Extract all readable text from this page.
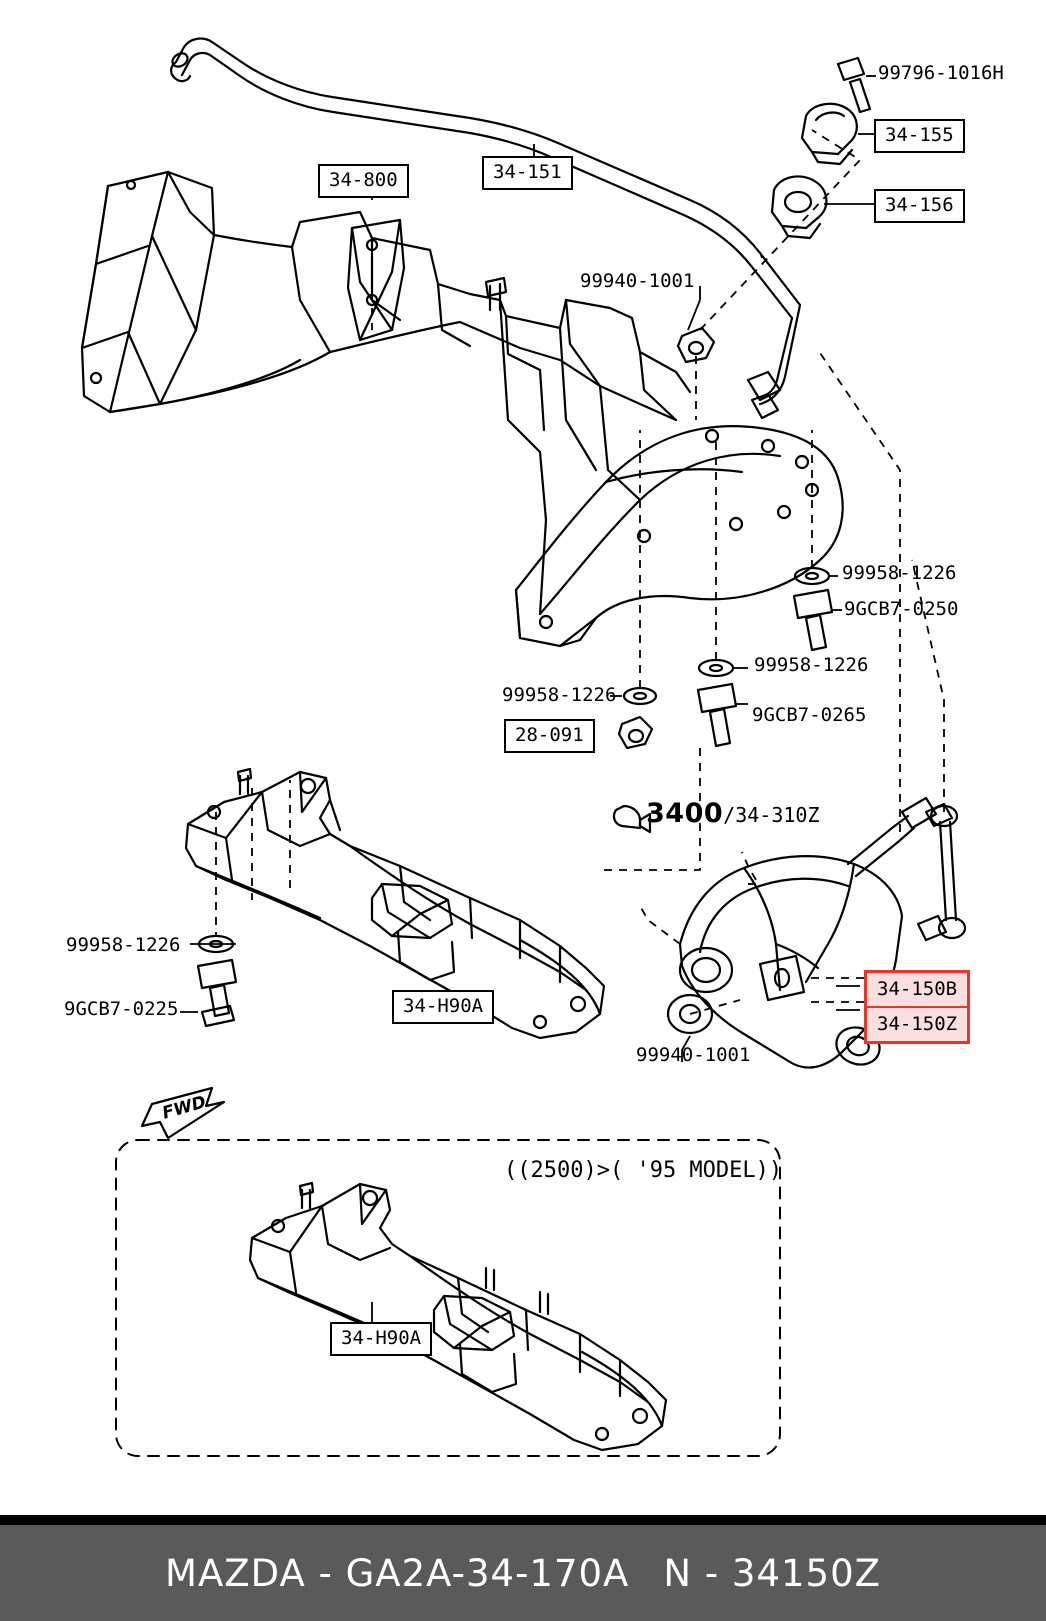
99796-1016H
34-155
34-156
34-151
34-800
99940-1001
99958-1226
9GCB7-0250
99958-1226
9GCB7-0265
99958-1226
28-091
99958-1226
9GCB7-0225	34-H90A
99940-1001
34-H90A
34-150B
34-150Z
3400/34-310Z
((2500)>( '95 MODEL))
FWD
MAZDA - GA2A-34-170A N - 34150Z
